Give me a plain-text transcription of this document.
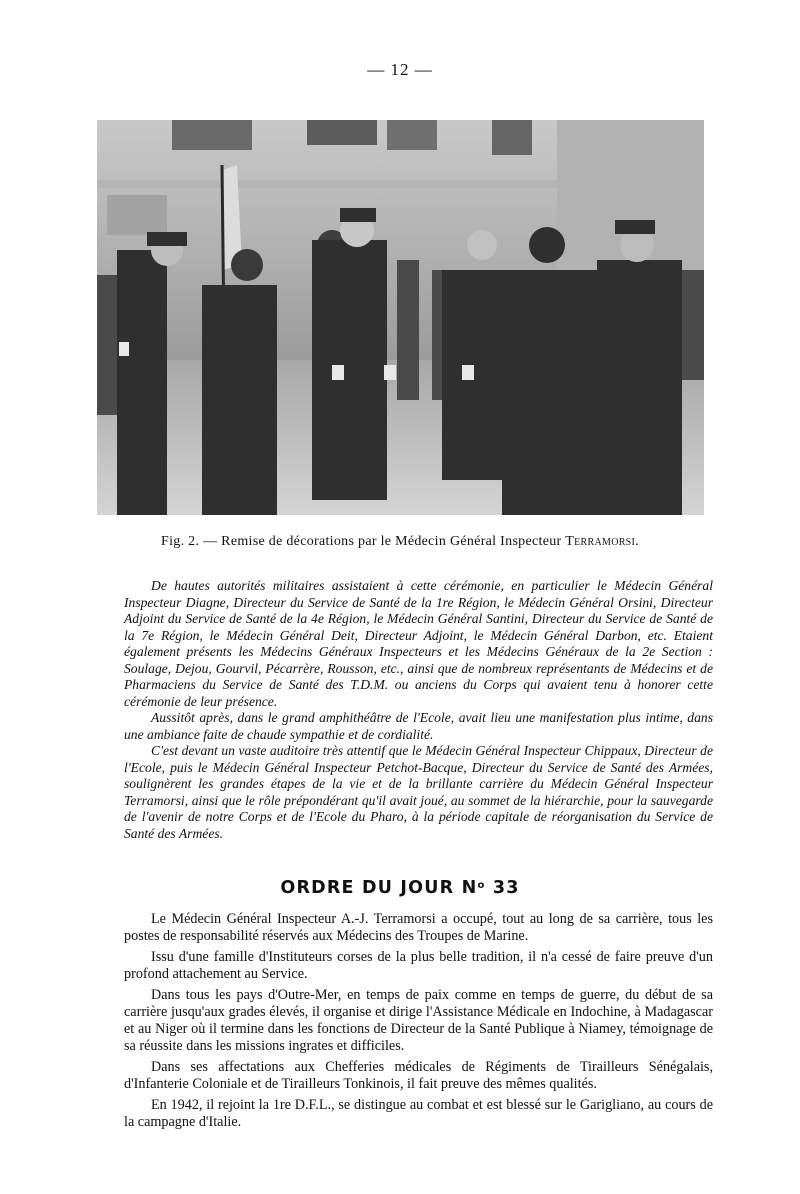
— 12 —
Fig. 2. — Remise de décorations par le Médecin Général Inspecteur Terramorsi.

De hautes autorités militaires assistaient à cette cérémonie, en particulier le Médecin Général Inspecteur Diagne, Directeur du Service de Santé de la 1re Région, le Médecin Général Orsini, Directeur Adjoint du Service de Santé de la 4e Région, le Médecin Général Santini, Directeur du Service de Santé de la 7e Région, le Médecin Général Deit, Directeur Adjoint, le Médecin Général Darbon, etc. Etaient également présents les Médecins Généraux Inspecteurs et les Médecins Généraux de la 2e Section : Soulage, Dejou, Gourvil, Pécarrère, Rousson, etc., ainsi que de nombreux représentants de Médecins et de Pharmaciens du Service de Santé des T.D.M. ou anciens du Corps qui avaient tenu à honorer cette cérémonie de leur présence.

Aussitôt après, dans le grand amphithéâtre de l'Ecole, avait lieu une manifestation plus intime, dans une ambiance faite de chaude sympathie et de cordialité.

C'est devant un vaste auditoire très attentif que le Médecin Général Inspecteur Chippaux, Directeur de l'Ecole, puis le Médecin Général Inspecteur Petchot-Bacque, Directeur du Service de Santé des Armées, soulignèrent les grandes étapes de la vie et de la brillante carrière du Médecin Général Inspecteur Terramorsi, ainsi que le rôle prépondérant qu'il avait joué, au sommet de la hiérarchie, pour la sauvegarde de l'avenir de notre Corps et de l'Ecole du Pharo, à la période capitale de réorganisation du Service de Santé des Armées.

ORDRE DU JOUR $N^o$ 33

Le Médecin Général Inspecteur A.-J. Terramorsi a occupé, tout au long de sa carrière, tous les postes de responsabilité réservés aux Médecins des Troupes de Marine.

Issu d'une famille d'Instituteurs corses de la plus belle tradition, il n'a cessé de faire preuve d'un profond attachement au Service.

Dans tous les pays d'Outre-Mer, en temps de paix comme en temps de guerre, du début de sa carrière jusqu'aux grades élevés, il organise et dirige l'Assistance Médicale en Indochine, à Madagascar et au Niger où il termine dans les fonctions de Directeur de la Santé Publique à Niamey, témoignage de sa réussite dans les missions ingrates et difficiles.

Dans ses affectations aux Chefferies médicales de Régiments de Tirailleurs Sénégalais, d'Infanterie Coloniale et de Tirailleurs Tonkinois, il fait preuve des mêmes qualités.

En 1942, il rejoint la 1re D.F.L., se distingue au combat et est blessé sur le Garigliano, au cours de la campagne d'Italie.
